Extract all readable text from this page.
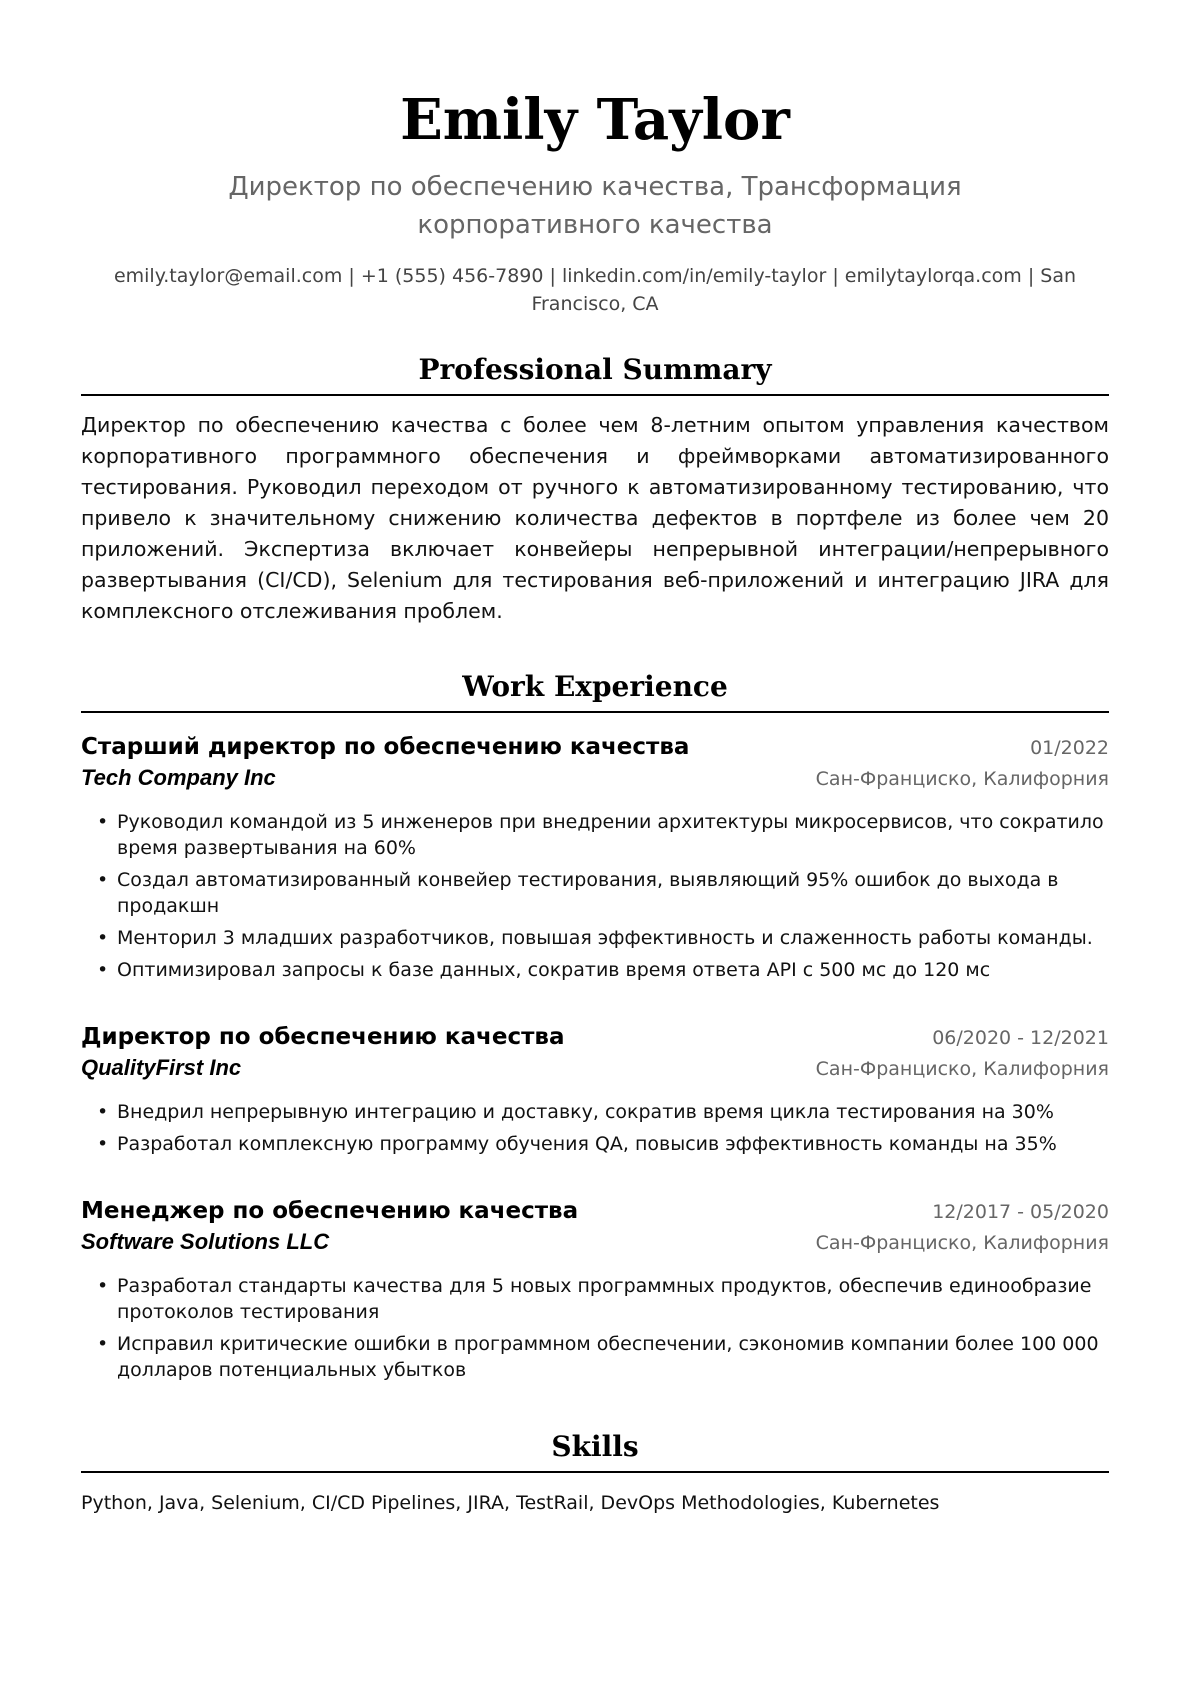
Emily Taylor
Директор по обеспечению качества, Трансформация корпоративного качества
emily.taylor@email.com | +1 (555) 456-7890 | linkedin.com/in/emily-taylor | emilytaylorqa.com | San Francisco, CA
Professional Summary

Директор по обеспечению качества с более чем 8-летним опытом управления качеством корпоративного программного обеспечения и фреймворками автоматизированного тестирования. Руководил переходом от ручного к автоматизированному тестированию, что привело к значительному снижению количества дефектов в портфеле из более чем 20 приложений. Экспертиза включает конвейеры непрерывной интеграции/непрерывного развертывания (CI/CD), Selenium для тестирования веб-приложений и интеграцию JIRA для комплексного отслеживания проблем.

Work Experience
Старший директор по обеспечению качества	01/2022
Tech Company Inc	Сан-Франциско, Калифорния
• Руководил командой из 5 инженеров при внедрении архитектуры микросервисов, что сократило время развертывания на 60%
• Создал автоматизированный конвейер тестирования, выявляющий 95% ошибок до выхода в продакшн
• Менторил 3 младших разработчиков, повышая эффективность и слаженность работы команды.
• Оптимизировал запросы к базе данных, сократив время ответа API с 500 мс до 120 мс
Директор по обеспечению качества	06/2020 - 12/2021
QualityFirst Inc	Сан-Франциско, Калифорния
• Внедрил непрерывную интеграцию и доставку, сократив время цикла тестирования на 30%
• Разработал комплексную программу обучения QA, повысив эффективность команды на 35%
Менеджер по обеспечению качества	12/2017 - 05/2020
Software Solutions LLC	Сан-Франциско, Калифорния
• Разработал стандарты качества для 5 новых программных продуктов, обеспечив единообразие протоколов тестирования
• Исправил критические ошибки в программном обеспечении, сэкономив компании более 100 000 долларов потенциальных убытков
Skills

Python, Java, Selenium, CI/CD Pipelines, JIRA, TestRail, DevOps Methodologies, Kubernetes
